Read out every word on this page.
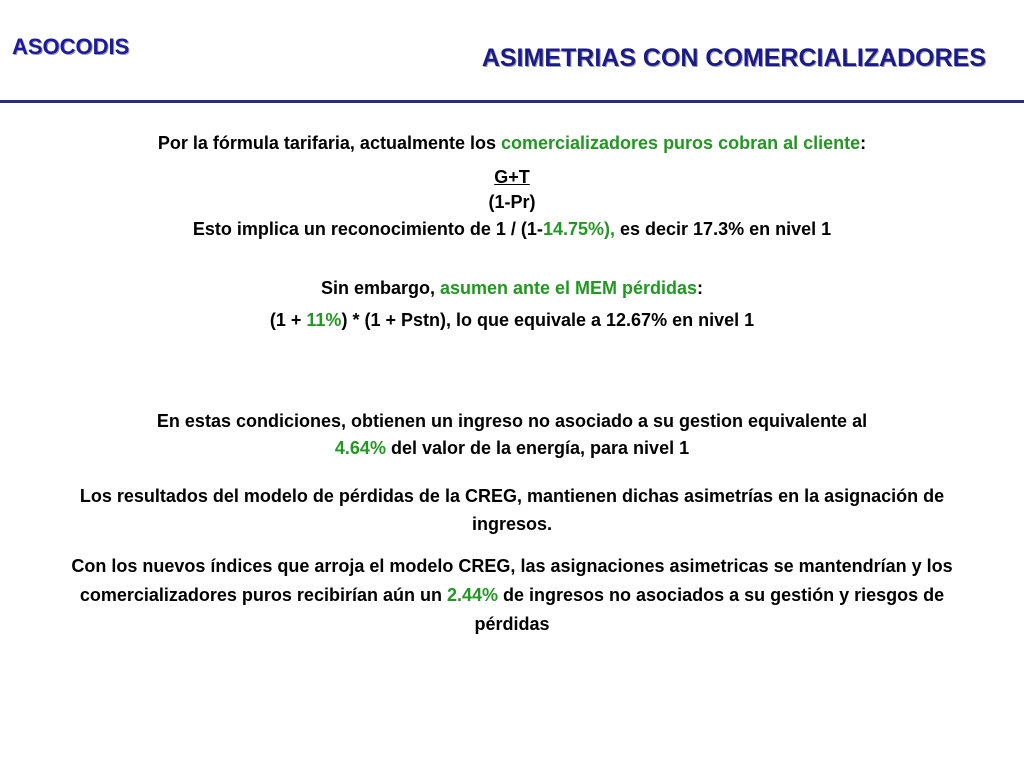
ASOCODIS	ASIMETRIAS CON COMERCIALIZADORES
Por la fórmula tarifaria, actualmente los comercializadores puros cobran al cliente:
G+T
(1-Pr)
Esto implica un reconocimiento de 1 / (1-14.75%), es decir 17.3% en nivel 1
Sin embargo, asumen ante el MEM pérdidas:
(1 + 11%) * (1 + Pstn), lo que equivale a 12.67% en nivel 1
En estas condiciones, obtienen un ingreso no asociado a su gestion equivalente al
4.64% del valor de la energía, para nivel 1
Los resultados del modelo de pérdidas de la CREG, mantienen dichas asimetrías en la asignación de ingresos.
Con los nuevos índices que arroja el modelo CREG, las asignaciones asimetricas se mantendrían y los comercializadores puros recibirían aún un 2.44% de ingresos no asociados a su gestión y riesgos de pérdidas
